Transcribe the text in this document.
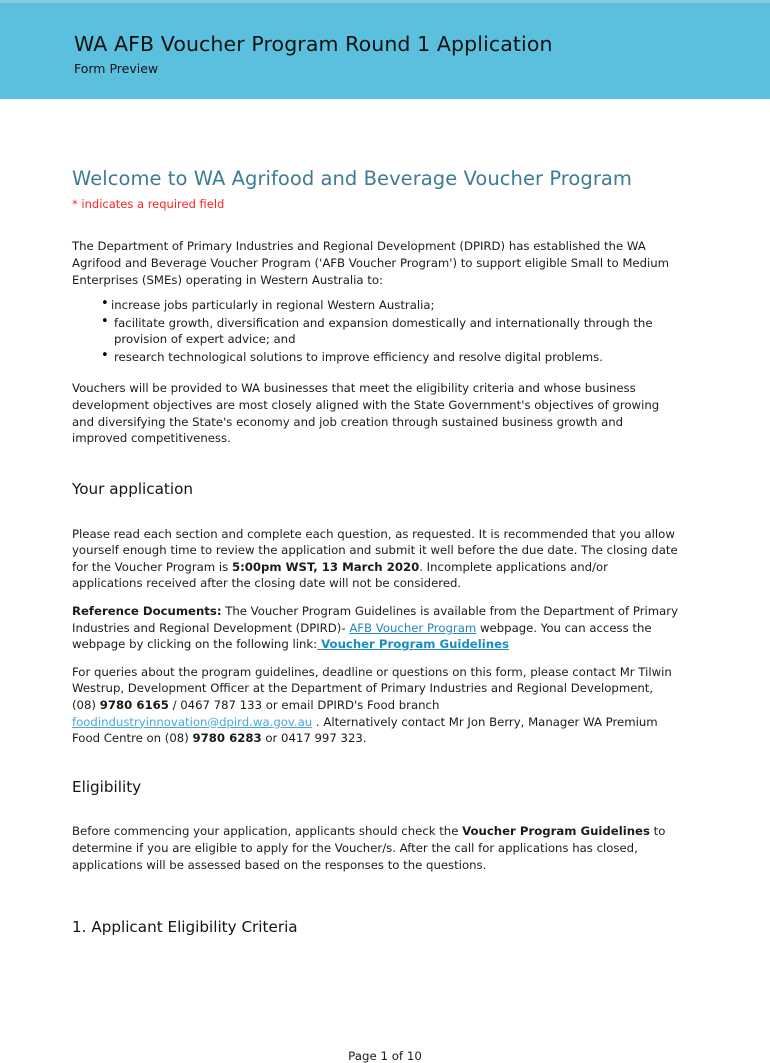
WA AFB Voucher Program Round 1 Application
Form Preview
Welcome to WA Agrifood and Beverage Voucher Program

* indicates a required field

The Department of Primary Industries and Regional Development (DPIRD) has established the WA Agrifood and Beverage Voucher Program ('AFB Voucher Program') to support eligible Small to Medium Enterprises (SMEs) operating in Western Australia to:

• increase jobs particularly in regional Western Australia;
• facilitate growth, diversification and expansion domestically and internationally through the provision of expert advice; and
• research technological solutions to improve efficiency and resolve digital problems.

Vouchers will be provided to WA businesses that meet the eligibility criteria and whose business development objectives are most closely aligned with the State Government's objectives of growing and diversifying the State's economy and job creation through sustained business growth and improved competitiveness.

Your application

Please read each section and complete each question, as requested. It is recommended that you allow yourself enough time to review the application and submit it well before the due date. The closing date for the Voucher Program is 5:00pm WST, 13 March 2020. Incomplete applications and/or applications received after the closing date will not be considered.

Reference Documents: The Voucher Program Guidelines is available from the Department of Primary Industries and Regional Development (DPIRD)- AFB Voucher Program webpage. You can access the webpage by clicking on the following link: Voucher Program Guidelines

For queries about the program guidelines, deadline or questions on this form, please contact Mr Tilwin Westrup, Development Officer at the Department of Primary Industries and Regional Development, (08) 9780 6165 / 0467 787 133 or email DPIRD's Food branch foodindustryinnovation@dpird.wa.gov.au . Alternatively contact Mr Jon Berry, Manager WA Premium Food Centre on (08) 9780 6283 or 0417 997 323.

Eligibility

Before commencing your application, applicants should check the Voucher Program Guidelines to determine if you are eligible to apply for the Voucher/s. After the call for applications has closed, applications will be assessed based on the responses to the questions.

1. Applicant Eligibility Criteria
Page 1 of 10
